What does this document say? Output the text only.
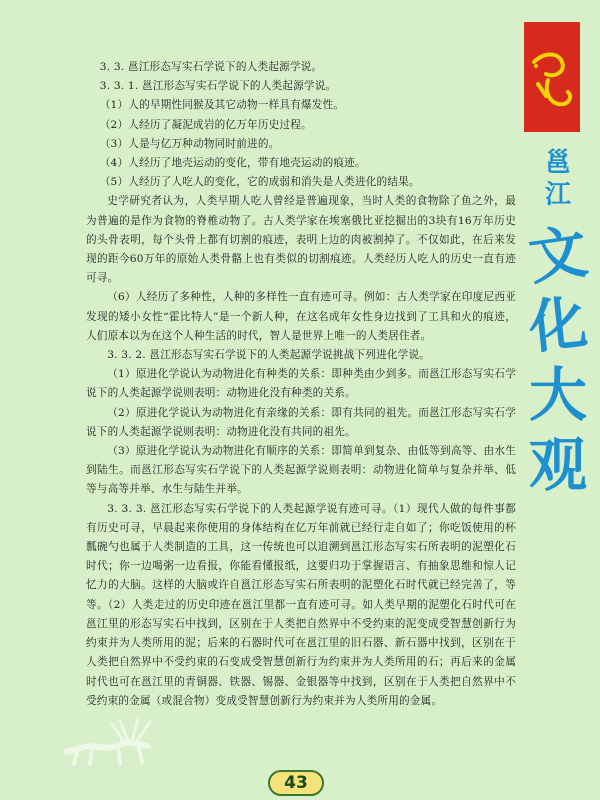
邕
江
文
化
大
观

3. 3. 邕江形态写实石学说下的人类起源学说。

3. 3. 1. 邕江形态写实石学说下的人类起源学说。

（1）人的早期性同猴及其它动物一样具有爆发性。

（2）人经历了凝泥成岩的亿万年历史过程。

（3）人是与亿万种动物同时前进的。

（4）人经历了地壳运动的变化，带有地壳运动的痕迹。

（5）人经历了人吃人的变化，它的成弱和消失是人类进化的结果。

史学研究者认为，人类早期人吃人曾经是普遍现象，当时人类的食物除了鱼之外，最为普遍的是作为食物的脊椎动物了。古人类学家在埃塞俄比亚挖掘出的3块有16万年历史的头骨表明，每个头骨上都有切割的痕迹，表明上边的肉被割掉了。不仅如此，在后来发现的距今60万年的原始人类骨骼上也有类似的切割痕迹。人类经历人吃人的历史一直有迹可寻。

（6）人经历了多种性，人种的多样性一直有迹可寻。例如：古人类学家在印度尼西亚发现的矮小女性“霍比特人”是一个新人种，在这名成年女性身边找到了工具和火的痕迹，人们原本以为在这个人种生活的时代，智人是世界上唯一的人类居住者。

3. 3. 2. 邕江形态写实石学说下的人类起源学说挑战下列进化学说。

（1）原进化学说认为动物进化有种类的关系：即种类由少到多。而邕江形态写实石学说下的人类起源学说则表明：动物进化没有种类的关系。

（2）原进化学说认为动物进化有亲缘的关系：即有共同的祖先。而邕江形态写实石学说下的人类起源学说则表明：动物进化没有共同的祖先。

（3）原进化学说认为动物进化有顺序的关系：即简单到复杂、由低等到高等、由水生到陆生。而邕江形态写实石学说下的人类起源学说则表明：动物进化简单与复杂并举、低等与高等并举、水生与陆生并举。

3. 3. 3. 邕江形态写实石学说下的人类起源学说有迹可寻。（1）现代人做的每件事都有历史可寻，早晨起来你使用的身体结构在亿万年前就已经行走自如了；你吃饭使用的杯瓢碗勺也属于人类制造的工具，这一传统也可以追溯到邕江形态写实石所表明的泥塑化石时代；你一边喝粥一边看报，你能看懂报纸，这要归功于掌握语言、有抽象思维和惊人记忆力的大脑。这样的大脑或许自邕江形态写实石所表明的泥塑化石时代就已经完善了，等等。（2）人类走过的历史印迹在邕江里都一直有迹可寻。如人类早期的泥塑化石时代可在邕江里的形态写实石中找到，区别在于人类把自然界中不受约束的泥变成受智慧创新行为约束并为人类所用的泥；后来的石器时代可在邕江里的旧石器、新石器中找到，区别在于人类把自然界中不受约束的石变成受智慧创新行为约束并为人类所用的石；再后来的金属时代也可在邕江里的青铜器、铁器、锡器、金银器等中找到，区别在于人类把自然界中不受约束的金属（或混合物）变成受智慧创新行为约束并为人类所用的金属。

43
